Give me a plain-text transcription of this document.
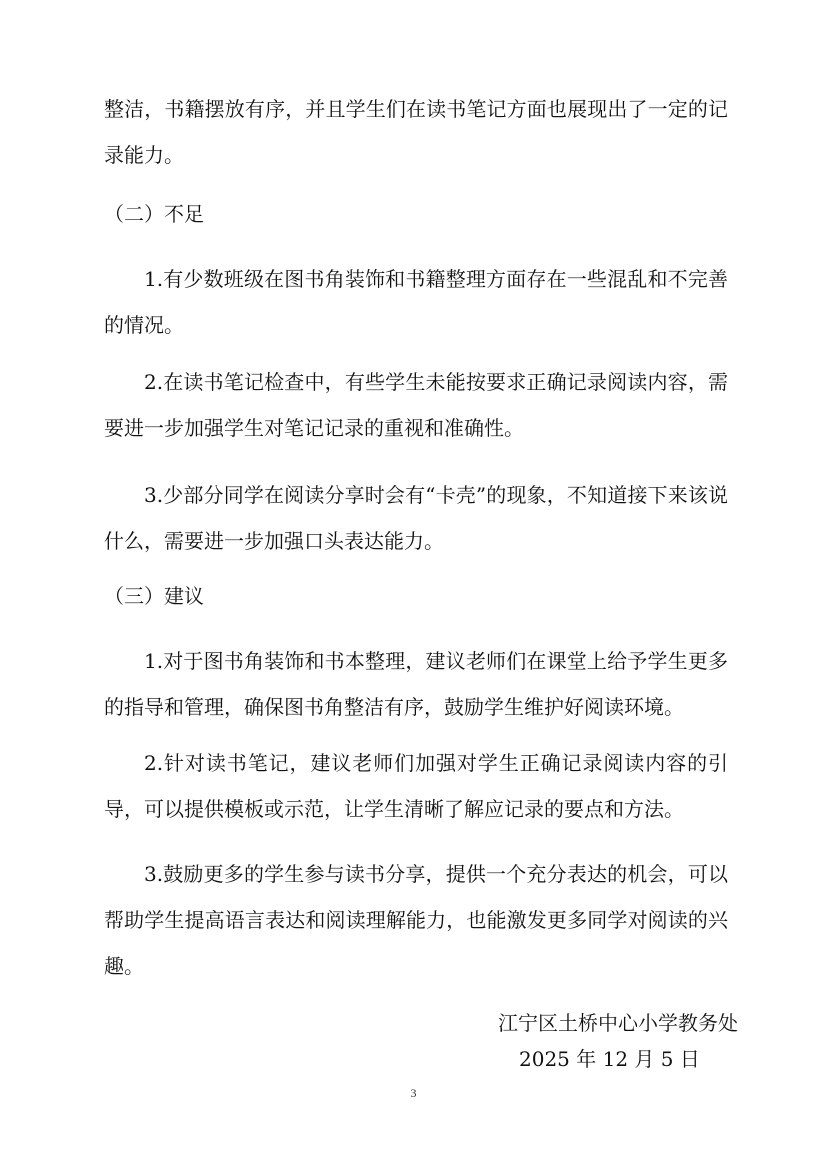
整洁，书籍摆放有序，并且学生们在读书笔记方面也展现出了一定的记录能力。

（二）不足

1.有少数班级在图书角装饰和书籍整理方面存在一些混乱和不完善的情况。

2.在读书笔记检查中，有些学生未能按要求正确记录阅读内容，需要进一步加强学生对笔记记录的重视和准确性。

3.少部分同学在阅读分享时会有“卡壳”的现象，不知道接下来该说什么，需要进一步加强口头表达能力。

（三）建议

1.对于图书角装饰和书本整理，建议老师们在课堂上给予学生更多的指导和管理，确保图书角整洁有序，鼓励学生维护好阅读环境。

2.针对读书笔记，建议老师们加强对学生正确记录阅读内容的引导，可以提供模板或示范，让学生清晰了解应记录的要点和方法。

3.鼓励更多的学生参与读书分享，提供一个充分表达的机会，可以帮助学生提高语言表达和阅读理解能力，也能激发更多同学对阅读的兴趣。

江宁区土桥中心小学教务处

2025 年 12 月 5 日

3
